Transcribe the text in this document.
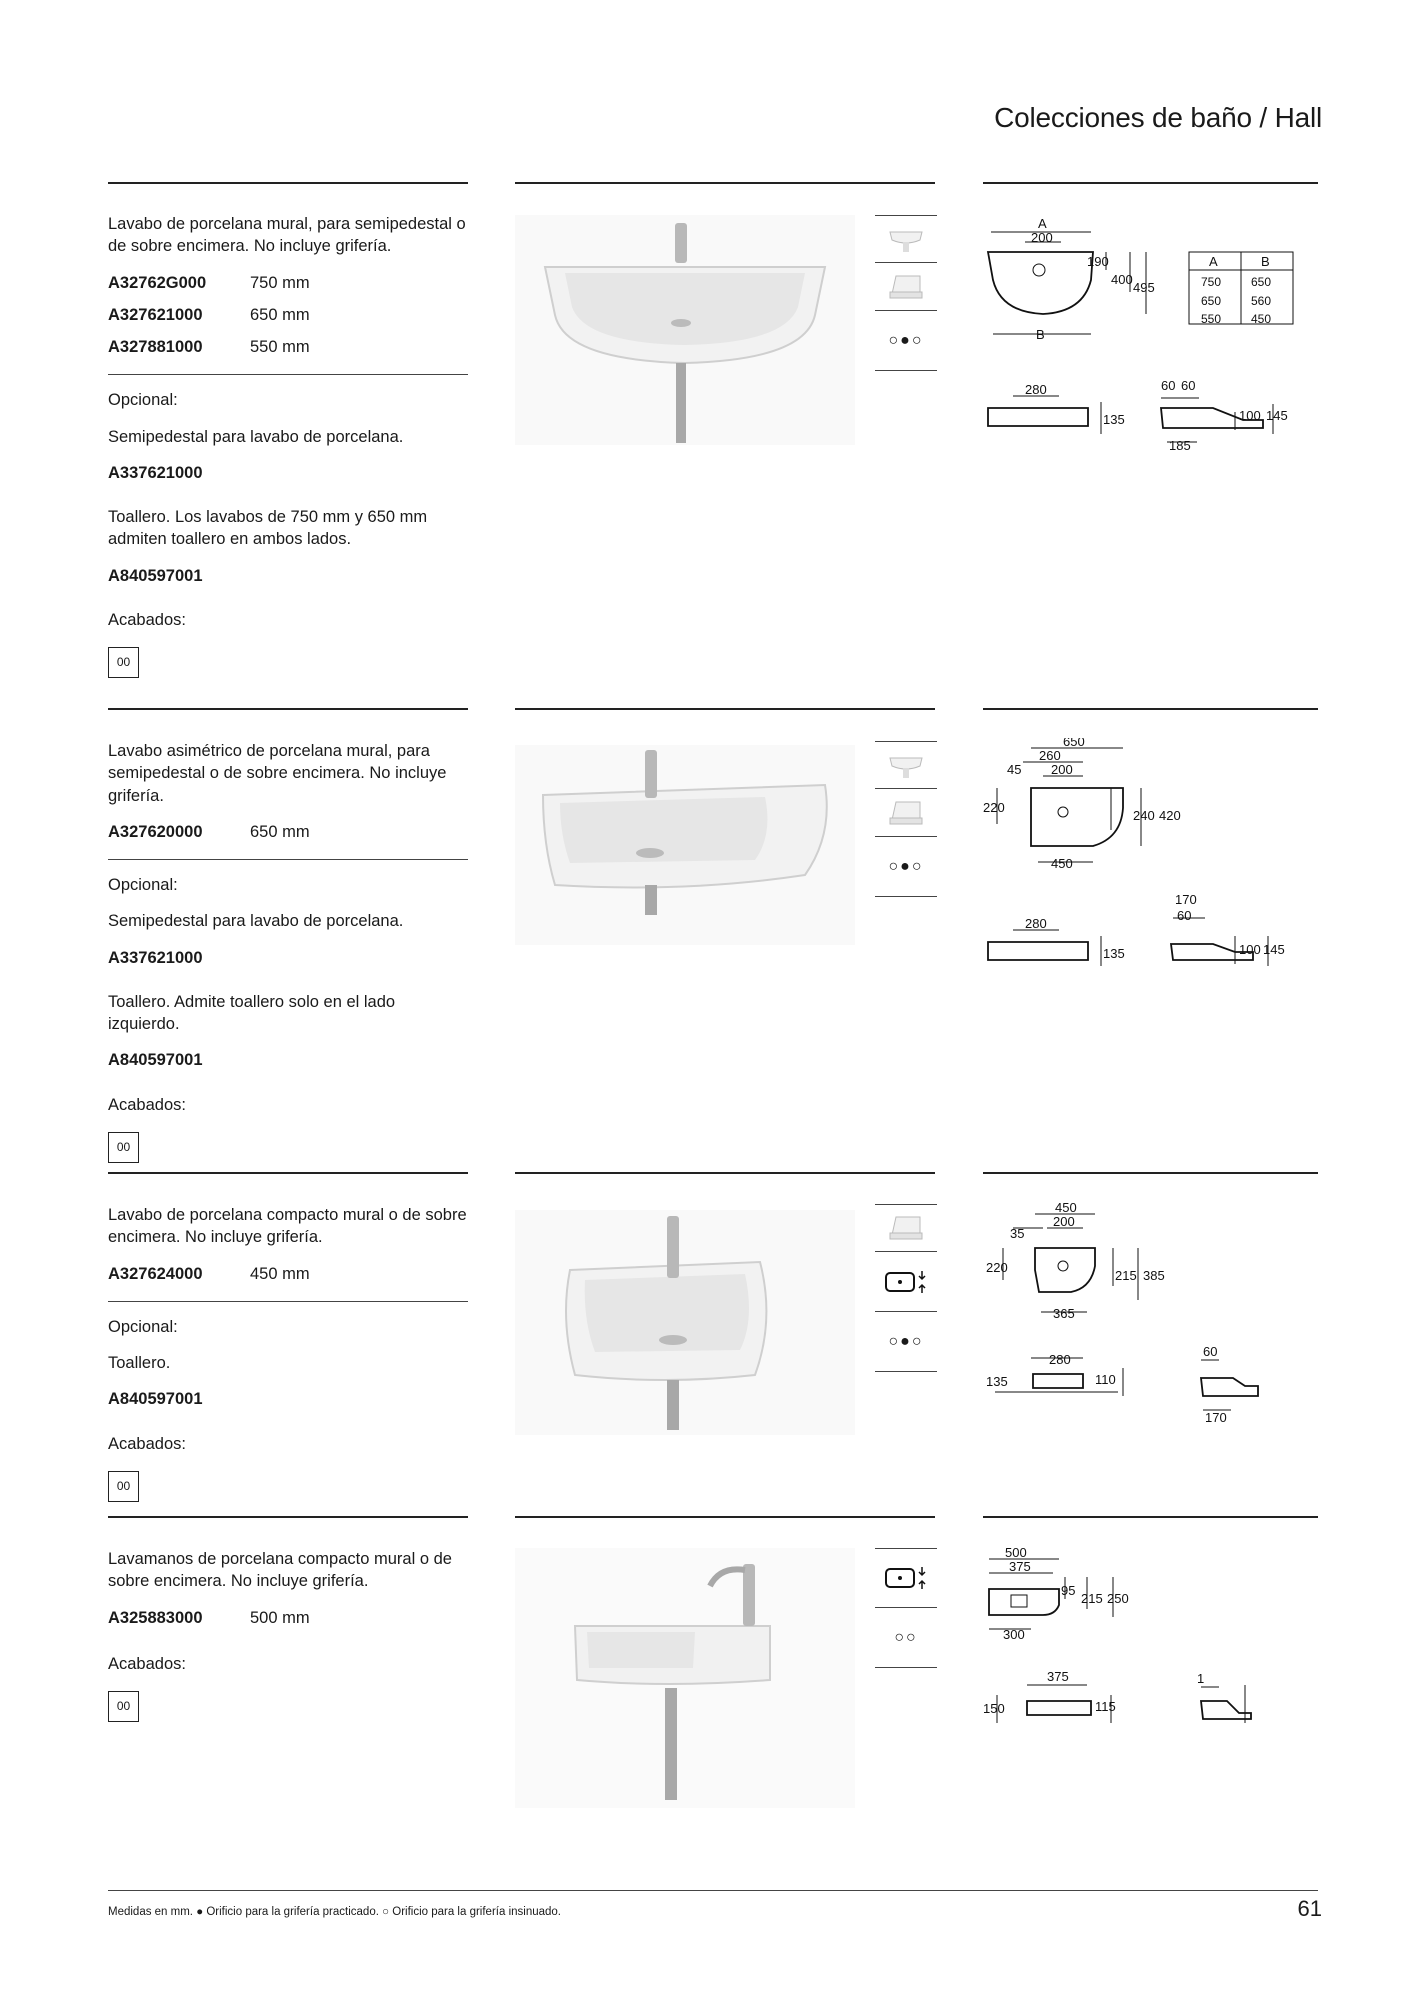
Colecciones de baño / Hall
Lavabo de porcelana mural, para semipedestal o de sobre encimera. No incluye grifería.
A32762G000	750 mm
A327621000	650 mm
A327881000	550 mm
Opcional:
Semipedestal para lavabo de porcelana.
A337621000
Toallero. Los lavabos de 750 mm y 650 mm admiten toallero en ambos lados.
A840597001
Acabados:
00
○●○
A
200
190
400
495
B
A	B
750 650
650 560
550 450
280
135
60 60
100 145
185
Lavabo asimétrico de porcelana mural, para semipedestal o de sobre encimera. No incluye grifería.
A327620000	650 mm
Opcional:
Semipedestal para lavabo de porcelana.
A337621000
Toallero. Admite toallero solo en el lado izquierdo.
A840597001
Acabados:
00
○●○
650
260
45 200
220
240 420
450
280
135
170
60
100 145
Lavabo de porcelana compacto mural o de sobre encimera. No incluye grifería.
A327624000	450 mm
Opcional:
Toallero.
A840597001
Acabados:
00
○●○
450
35
200
220
215 385
365
280
135	110
60
170
Lavamanos de porcelana compacto mural o de sobre encimera. No incluye grifería.
A325883000	500 mm
Acabados:
00
○○
500
375
95
215 250
300
375
150	115
1
Medidas en mm. ● Orificio para la grifería practicado. ○ Orificio para la grifería insinuado.	61
